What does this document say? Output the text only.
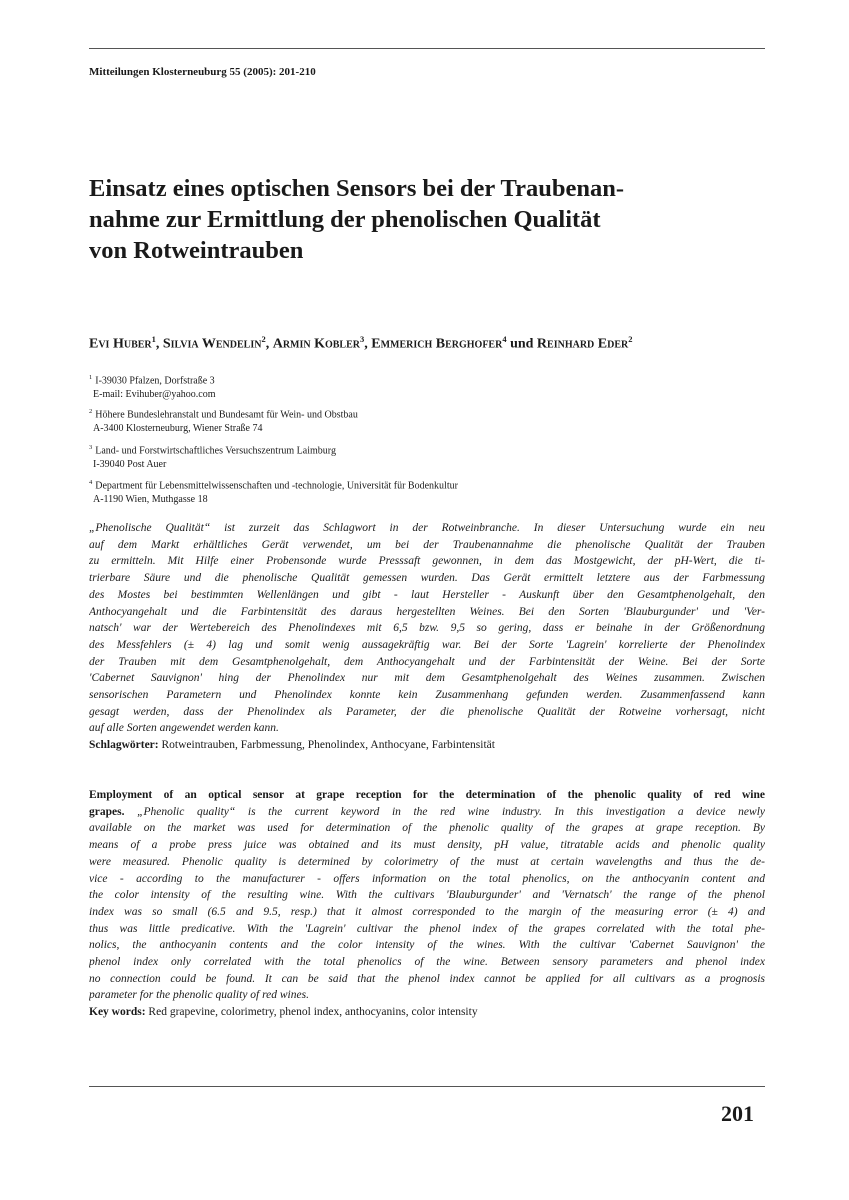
Mitteilungen Klosterneuburg 55 (2005): 201-210
Einsatz eines optischen Sensors bei der Traubenan-
nahme zur Ermittlung der phenolischen Qualität
von Rotweintrauben
Evi Huber$^1$, Silvia Wendelin$^2$, Armin Kobler$^3$, Emmerich Berghofer$^4$ und Reinhard Eder$^2$
$^1$ I-39030 Pfalzen, Dorfstraße 3
E-mail: Evihuber@yahoo.com
$^2$ Höhere Bundeslehranstalt und Bundesamt für Wein- und Obstbau
A-3400 Klosterneuburg, Wiener Straße 74
$^3$ Land- und Forstwirtschaftliches Versuchszentrum Laimburg
I-39040 Post Auer
$^4$ Department für Lebensmittelwissenschaften und -technologie, Universität für Bodenkultur
A-1190 Wien, Muthgasse 18
„Phenolische Qualität“ ist zurzeit das Schlagwort in der Rotweinbranche. In dieser Untersuchung wurde ein neu
auf dem Markt erhältliches Gerät verwendet, um bei der Traubenannahme die phenolische Qualität der Trauben
zu ermitteln. Mit Hilfe einer Probensonde wurde Presssaft gewonnen, in dem das Mostgewicht, der pH-Wert, die ti-
trierbare Säure und die phenolische Qualität gemessen wurden. Das Gerät ermittelt letztere aus der Farbmessung
des Mostes bei bestimmten Wellenlängen und gibt - laut Hersteller - Auskunft über den Gesamtphenolgehalt, den
Anthocyangehalt und die Farbintensität des daraus hergestellten Weines. Bei den Sorten 'Blauburgunder' und 'Ver-
natsch' war der Wertebereich des Phenolindexes mit 6,5 bzw. 9,5 so gering, dass er beinahe in der Größenordnung
des Messfehlers (± 4) lag und somit wenig aussagekräftig war. Bei der Sorte 'Lagrein' korrelierte der Phenolindex
der Trauben mit dem Gesamtphenolgehalt, dem Anthocyangehalt und der Farbintensität der Weine. Bei der Sorte
'Cabernet Sauvignon' hing der Phenolindex nur mit dem Gesamtphenolgehalt des Weines zusammen. Zwischen
sensorischen Parametern und Phenolindex konnte kein Zusammenhang gefunden werden. Zusammenfassend kann
gesagt werden, dass der Phenolindex als Parameter, der die phenolische Qualität der Rotweine vorhersagt, nicht
auf alle Sorten angewendet werden kann.
Schlagwörter: Rotweintrauben, Farbmessung, Phenolindex, Anthocyane, Farbintensität
Employment of an optical sensor at grape reception for the determination of the phenolic quality of red wine
grapes. „Phenolic quality“ is the current keyword in the red wine industry. In this investigation a device newly
available on the market was used for determination of the phenolic quality of the grapes at grape reception. By
means of a probe press juice was obtained and its must density, pH value, titratable acids and phenolic quality
were measured. Phenolic quality is determined by colorimetry of the must at certain wavelengths and thus the de-
vice - according to the manufacturer - offers information on the total phenolics, on the anthocyanin content and
the color intensity of the resulting wine. With the cultivars 'Blauburgunder' and 'Vernatsch' the range of the phenol
index was so small (6.5 and 9.5, resp.) that it almost corresponded to the margin of the measuring error (± 4) and
thus was little predicative. With the 'Lagrein' cultivar the phenol index of the grapes correlated with the total phe-
nolics, the anthocyanin contents and the color intensity of the wines. With the cultivar 'Cabernet Sauvignon' the
phenol index only correlated with the total phenolics of the wine. Between sensory parameters and phenol index
no connection could be found. It can be said that the phenol index cannot be applied for all cultivars as a prognosis
parameter for the phenolic quality of red wines.
Key words: Red grapevine, colorimetry, phenol index, anthocyanins, color intensity
201
